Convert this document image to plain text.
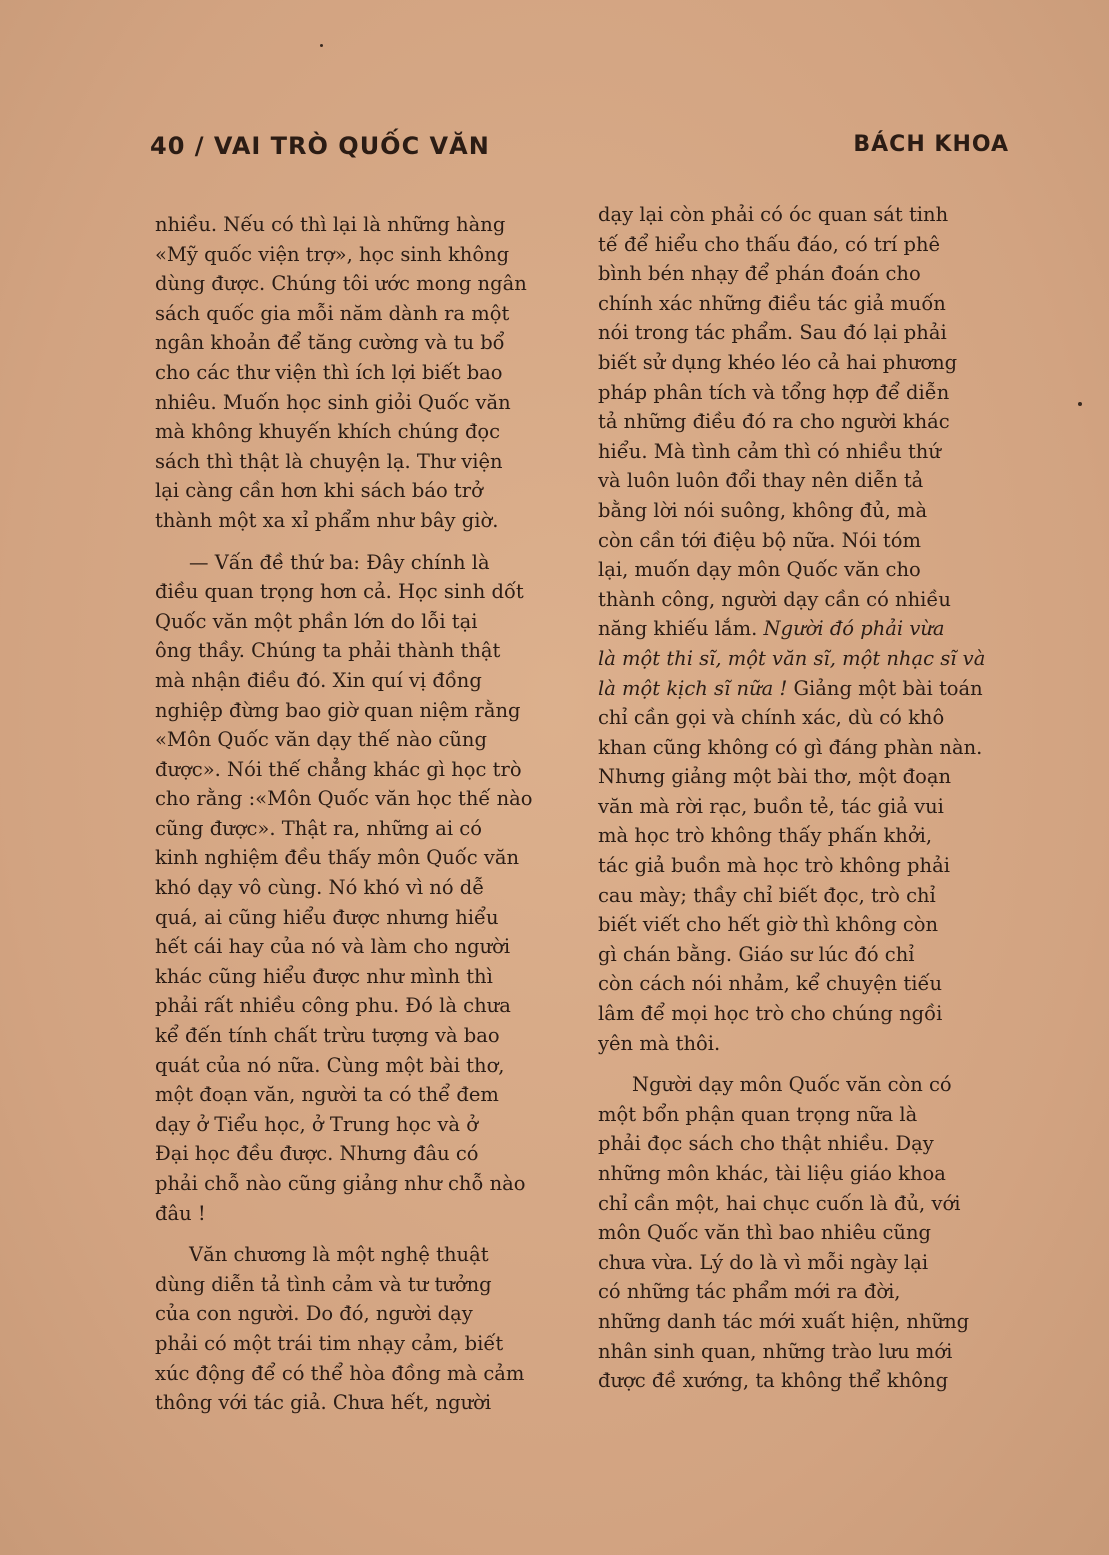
40 / VAI TRÒ QUỐC VĂN	BÁCH KHOA
nhiều. Nếu có thì lại là những hàng
«Mỹ quốc viện trợ», học sinh không
dùng được. Chúng tôi ước mong ngân
sách quốc gia mỗi năm dành ra một
ngân khoản để tăng cường và tu bổ
cho các thư viện thì ích lợi biết bao
nhiêu. Muốn học sinh giỏi Quốc văn
mà không khuyến khích chúng đọc
sách thì thật là chuyện lạ. Thư viện
lại càng cần hơn khi sách báo trở
thành một xa xỉ phẩm như bây giờ.
— Vấn đề thứ ba: Đây chính là
điều quan trọng hơn cả. Học sinh dốt
Quốc văn một phần lớn do lỗi tại
ông thầy. Chúng ta phải thành thật
mà nhận điều đó. Xin quí vị đồng
nghiệp đừng bao giờ quan niệm rằng
«Môn Quốc văn dạy thế nào cũng
được». Nói thế chẳng khác gì học trò
cho rằng :«Môn Quốc văn học thế nào
cũng được». Thật ra, những ai có
kinh nghiệm đều thấy môn Quốc văn
khó dạy vô cùng. Nó khó vì nó dễ
quá, ai cũng hiểu được nhưng hiểu
hết cái hay của nó và làm cho người
khác cũng hiểu được như mình thì
phải rất nhiều công phu. Đó là chưa
kể đến tính chất trừu tượng và bao
quát của nó nữa. Cùng một bài thơ,
một đoạn văn, người ta có thể đem
dạy ở Tiểu học, ở Trung học và ở
Đại học đều được. Nhưng đâu có
phải chỗ nào cũng giảng như chỗ nào
đâu !
Văn chương là một nghệ thuật
dùng diễn tả tình cảm và tư tưởng
của con người. Do đó, người dạy
phải có một trái tim nhạy cảm, biết
xúc động để có thể hòa đồng mà cảm
thông với tác giả. Chưa hết, người
dạy lại còn phải có óc quan sát tinh
tế để hiểu cho thấu đáo, có trí phê
bình bén nhạy để phán đoán cho
chính xác những điều tác giả muốn
nói trong tác phẩm. Sau đó lại phải
biết sử dụng khéo léo cả hai phương
pháp phân tích và tổng hợp để diễn
tả những điều đó ra cho người khác
hiểu. Mà tình cảm thì có nhiều thứ
và luôn luôn đổi thay nên diễn tả
bằng lời nói suông, không đủ, mà
còn cần tới điệu bộ nữa. Nói tóm
lại, muốn dạy môn Quốc văn cho
thành công, người dạy cần có nhiều
năng khiếu lắm. Người đó phải vừa
là một thi sĩ, một văn sĩ, một nhạc sĩ và
là một kịch sĩ nữa ! Giảng một bài toán
chỉ cần gọi và chính xác, dù có khô
khan cũng không có gì đáng phàn nàn.
Nhưng giảng một bài thơ, một đoạn
văn mà rời rạc, buồn tẻ, tác giả vui
mà học trò không thấy phấn khởi,
tác giả buồn mà học trò không phải
cau mày; thầy chỉ biết đọc, trò chỉ
biết viết cho hết giờ thì không còn
gì chán bằng. Giáo sư lúc đó chỉ
còn cách nói nhảm, kể chuyện tiếu
lâm để mọi học trò cho chúng ngồi
yên mà thôi.
Người dạy môn Quốc văn còn có
một bổn phận quan trọng nữa là
phải đọc sách cho thật nhiều. Dạy
những môn khác, tài liệu giáo khoa
chỉ cần một, hai chục cuốn là đủ, với
môn Quốc văn thì bao nhiêu cũng
chưa vừa. Lý do là vì mỗi ngày lại
có những tác phẩm mới ra đời,
những danh tác mới xuất hiện, những
nhân sinh quan, những trào lưu mới
được đề xướng, ta không thể không
